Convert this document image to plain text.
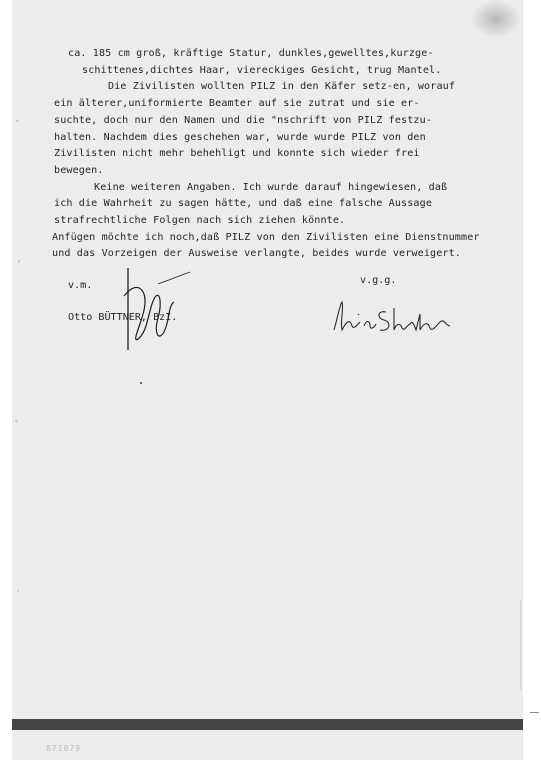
ca. 185 cm groß, kräftige Statur, dunkles,gewelltes,kurzge-

schittenes,dichtes Haar, viereckiges Gesicht, trug Mantel.

Die Zivilisten wollten PILZ in den Käfer setz-en, worauf

ein älterer,uniformierte Beamter auf sie zutrat und sie er-

suchte, doch nur den Namen und die "nschrift von PILZ festzu-

halten. Nachdem dies geschehen war, wurde wurde PILZ von den

Zivilisten nicht mehr behehligt und konnte sich wieder frei

bewegen.

Keine weiteren Angaben. Ich wurde darauf hingewiesen, daß

ich die Wahrheit zu sagen hätte, und daß eine falsche Aussage

strafrechtliche Folgen nach sich ziehen könnte.

Anfügen möchte ich noch,daß PILZ von den Zivilisten eine Dienstnummer

und das Vorzeigen der Ausweise verlangte, beides wurde verweigert.

v.m.	v.g.g.
Otto BÜTTNER, BzI.
871079
